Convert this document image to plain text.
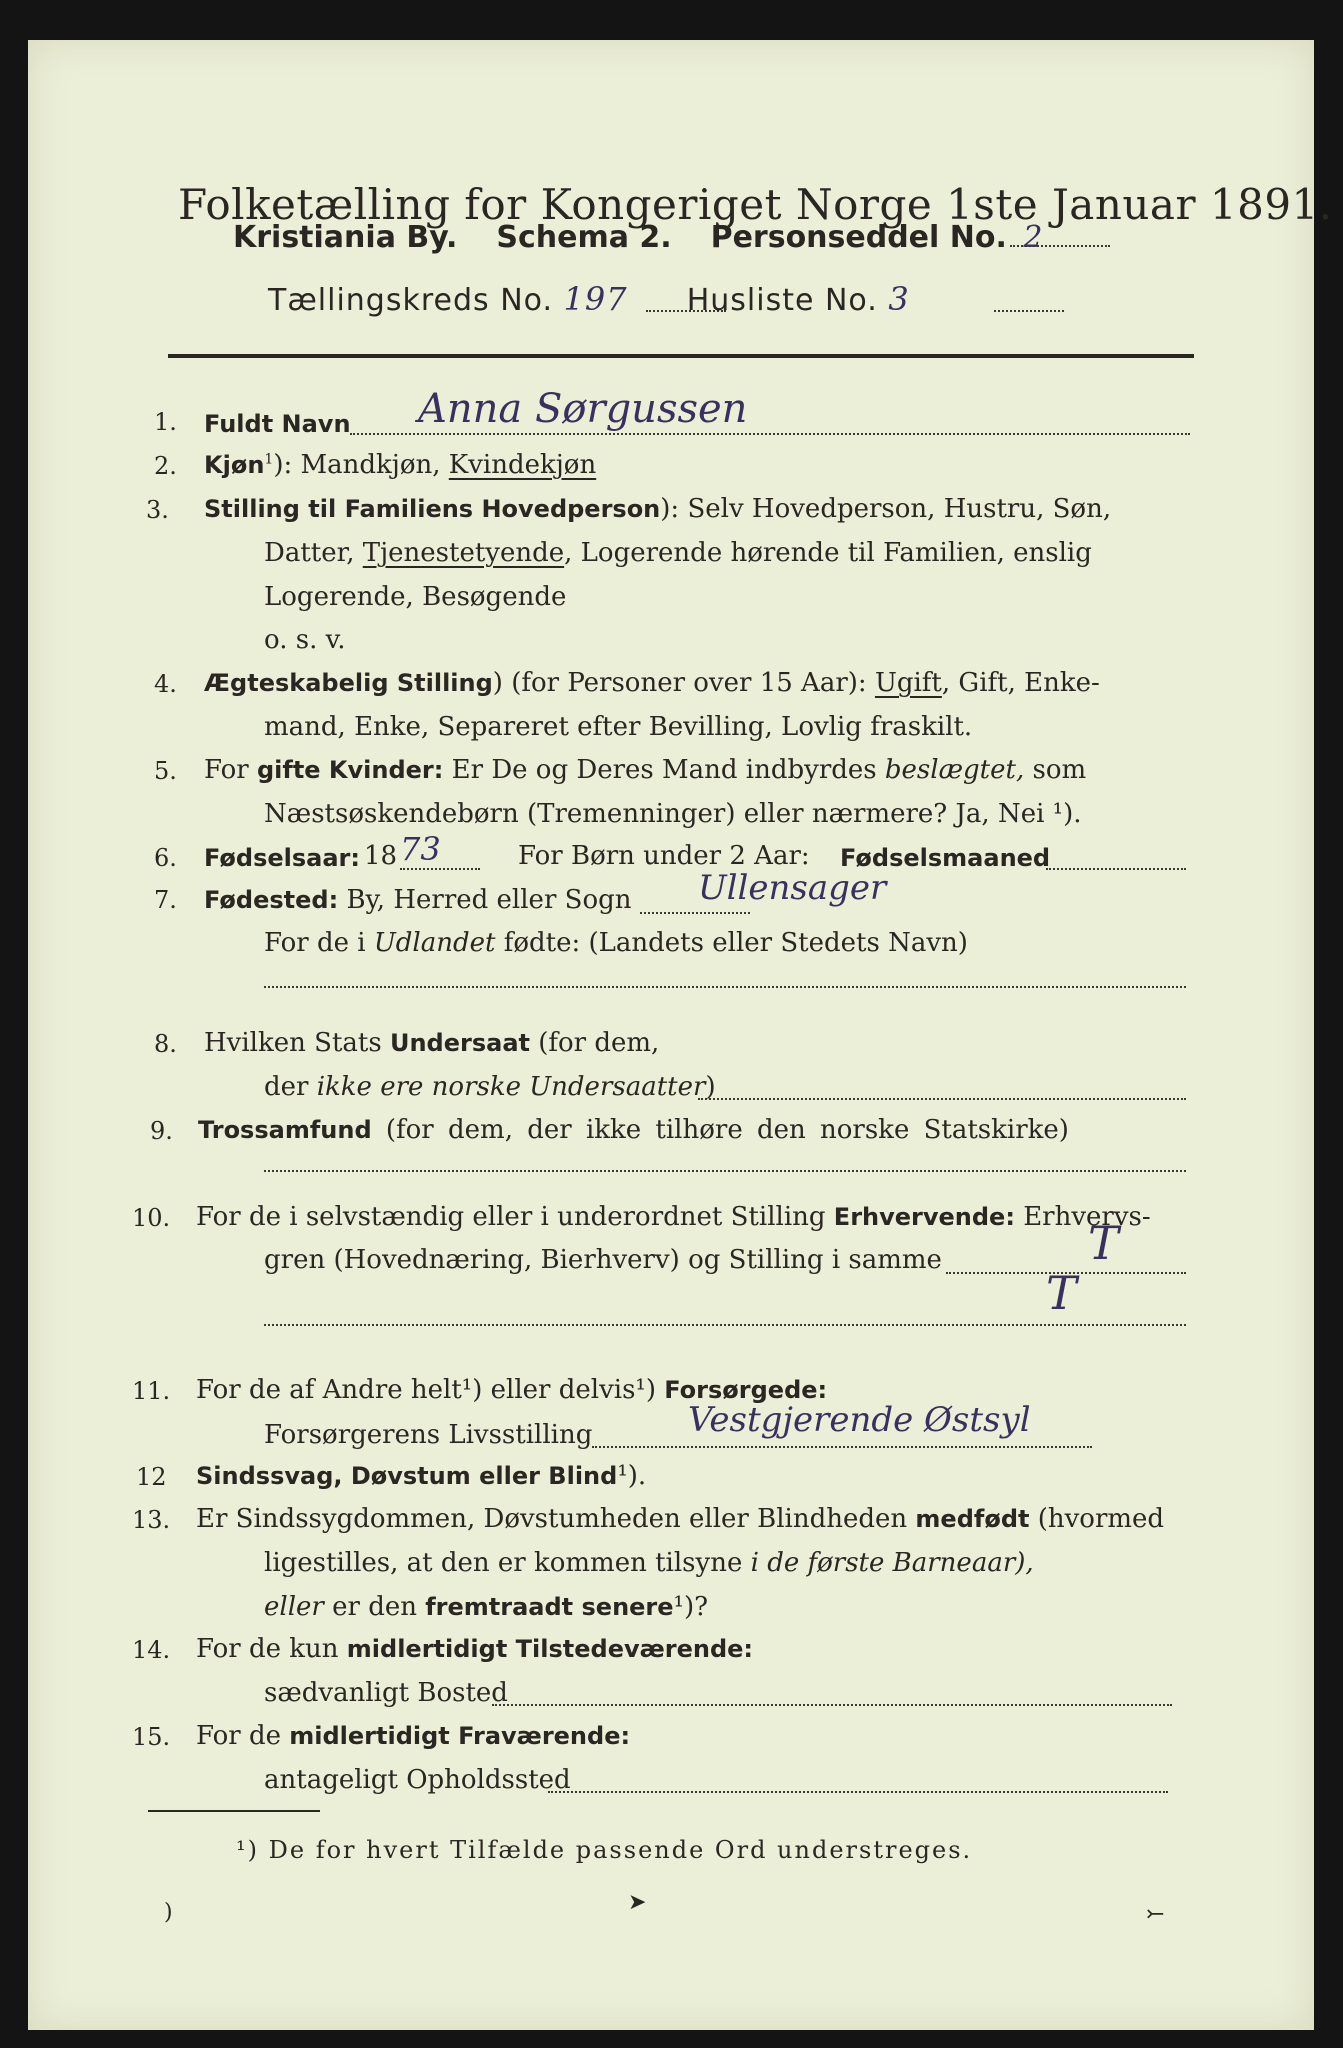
Folketælling for Kongeriget Norge 1ste Januar 1891.
Kristiania By. Schema 2. Personseddel No. 2
Tællingskreds No. 197 Husliste No. 3
1. Fuldt Navn Anna Sørgussen
2. Kjøn$^1$): Mandkjøn, Kvindekjøn
3. Stilling til Familiens Hovedperson): Selv Hovedperson, Hustru, Søn,
Datter, Tjenestetyende, Logerende hørende til Familien, enslig
Logerende, Besøgende
o. s. v.
4. Ægteskabelig Stilling) (for Personer over 15 Aar): Ugift, Gift, Enke-
mand, Enke, Separeret efter Bevilling, Lovlig fraskilt.
5. For gifte Kvinder: Er De og Deres Mand indbyrdes beslægtet, som
Næstsøskendebørn (Tremenninger) eller nærmere? Ja, Nei ¹).
6. Fødselsaar: 18 73	For Børn under 2 Aar: Fødselsmaaned
7. Fødested: By, Herred eller Sogn Ullensager
For de i Udlandet fødte: (Landets eller Stedets Navn)
8. Hvilken Stats Undersaat (for dem,
der ikke ere norske Undersaatter)
9. Trossamfund (for dem, der ikke tilhøre den norske Statskirke)
10. For de i selvstændig eller i underordnet Stilling Erhvervende: Erhvervs-
gren (Hovednæring, Bierhverv) og Stilling i samme	T
T
11. For de af Andre helt¹) eller delvis¹) Forsørgede:
Forsørgerens Livsstilling	Vestgjerende Østsyl
12 Sindssvag, Døvstum eller Blind¹).
13. Er Sindssygdommen, Døvstumheden eller Blindheden medfødt (hvormed
ligestilles, at den er kommen tilsyne i de første Barneaar),
eller er den fremtraadt senere¹)?
14. For de kun midlertidigt Tilstedeværende:
sædvanligt Bosted
15. For de midlertidigt Fraværende:
antageligt Opholdssted
¹) De for hvert Tilfælde passende Ord understreges.
)	➤	⤚
